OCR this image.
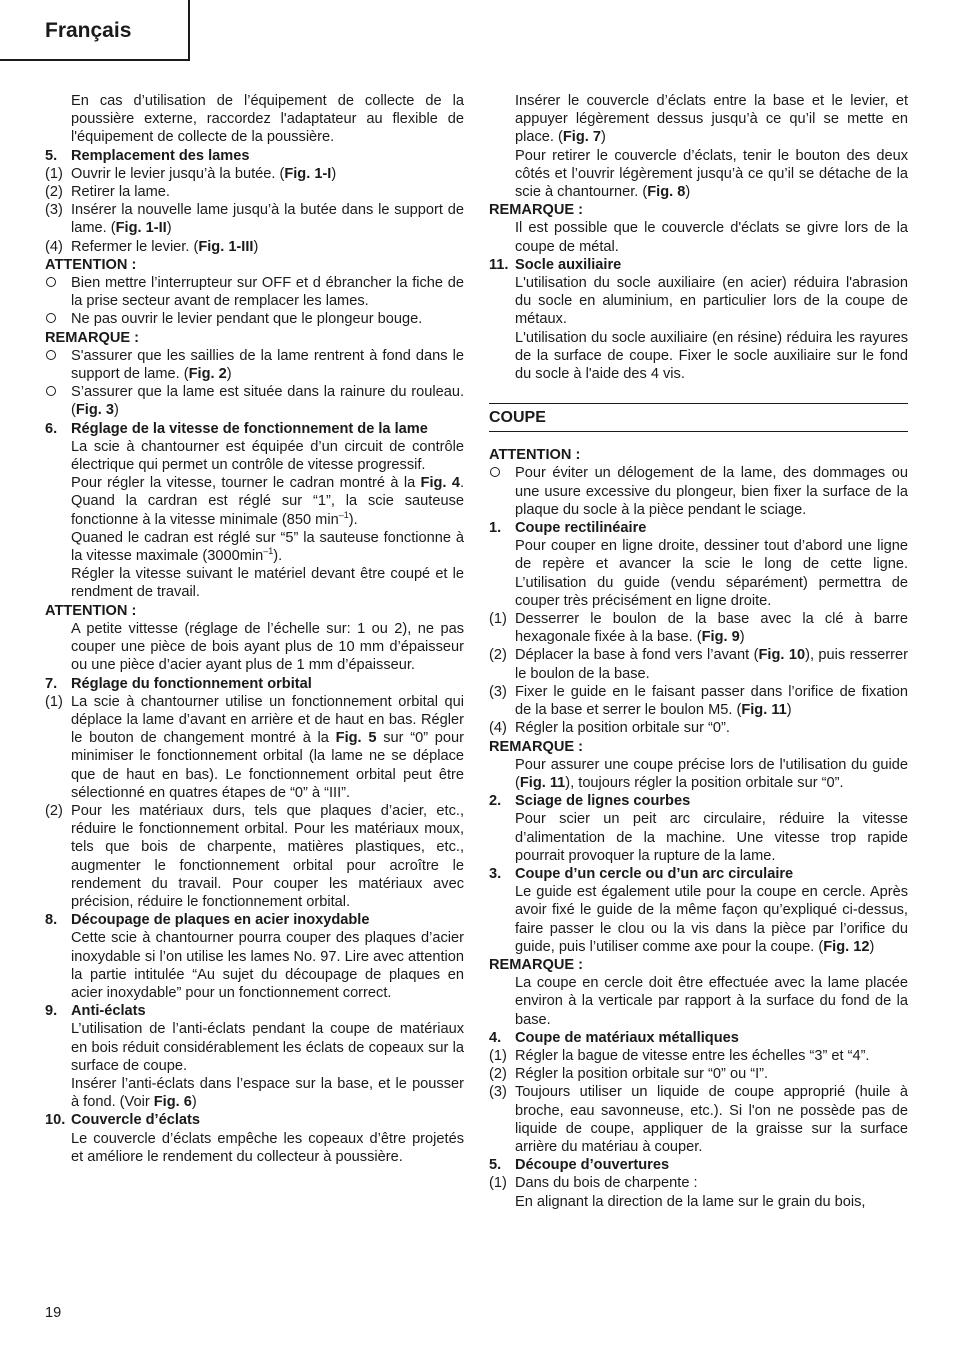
Français

En cas d’utilisation de l’équipement de collecte de la poussière externe, raccordez l'adaptateur au flexible de l'équipement de collecte de la poussière.

5. Remplacement des lames
(1) Ouvrir le levier jusqu’à la butée. (Fig. 1-I)
(2) Retirer la lame.
(3) Insérer la nouvelle lame jusqu’à la butée dans le support de lame. (Fig. 1-II)
(4) Refermer le levier. (Fig. 1-III)

ATTENTION :

Bien mettre l’interrupteur sur OFF et d ébrancher la fiche de la prise secteur avant de remplacer les lames.
Ne pas ouvrir le levier pendant que le plongeur bouge.

REMARQUE :

S'assurer que les saillies de la lame rentrent à fond dans le support de lame. (Fig. 2)
S’assurer que la lame est située dans la rainure du rouleau. (Fig. 3)
6. Réglage de la vitesse de fonctionnement de la lame

La scie à chantourner est équipée d’un circuit de contrôle électrique qui permet un contrôle de vitesse progressif.

Pour régler la vitesse, tourner le cadran montré à la Fig. 4. Quand la cardran est réglé sur “1”, la scie sauteuse fonctionne à la vitesse minimale (850 $\min^{-1}$).

Quaned le cadran est réglé sur “5” la sauteuse fonctionne à la vitesse maximale $(3000\min^{-1})$.

Régler la vitesse suivant le matériel devant être coupé et le rendment de travail.

ATTENTION :

A petite vittesse (réglage de l’échelle sur: 1 ou 2), ne pas couper une pièce de bois ayant plus de 10 mm d’épaisseur ou une pièce d’acier ayant plus de 1 mm d’épaisseur.

7. Réglage du fonctionnement orbital
(1) La scie à chantourner utilise un fonctionnement orbital qui déplace la lame d’avant en arrière et de haut en bas. Régler le bouton de changement montré à la Fig. 5 sur “0” pour minimiser le fonctionnement orbital (la lame ne se déplace que de haut en bas). Le fonctionnement orbital peut être sélectionné en quatres étapes de “0” à “III”.
(2) Pour les matériaux durs, tels que plaques d’acier, etc., réduire le fonctionnement orbital. Pour les matériaux moux, tels que bois de charpente, matières plastiques, etc., augmenter le fonctionnement orbital pour acroître le rendement du travail. Pour couper les matériaux avec précision, réduire le fonctionnement orbital.
8. Découpage de plaques en acier inoxydable

Cette scie à chantourner pourra couper des plaques d’acier inoxydable si l’on utilise les lames No. 97. Lire avec attention la partie intitulée “Au sujet du découpage de plaques en acier inoxydable” pour un fonctionnement correct.

9. Anti-éclats

L’utilisation de l’anti-éclats pendant la coupe de matériaux en bois réduit considérablement les éclats de copeaux sur la surface de coupe.

Insérer l’anti-éclats dans l’espace sur la base, et le pousser à fond. (Voir Fig. 6)

10. Couvercle d’éclats

Le couvercle d’éclats empêche les copeaux d’être projetés et améliore le rendement du collecteur à poussière.

Insérer le couvercle d’éclats entre la base et le levier, et appuyer légèrement dessus jusqu’à ce qu’il se mette en place. (Fig. 7)

Pour retirer le couvercle d’éclats, tenir le bouton des deux côtés et l’ouvrir légèrement jusqu’à ce qu’il se détache de la scie à chantourner. (Fig. 8)

REMARQUE :

Il est possible que le couvercle d'éclats se givre lors de la coupe de métal.

11. Socle auxiliaire

L'utilisation du socle auxiliaire (en acier) réduira l'abrasion du socle en aluminium, en particulier lors de la coupe de métaux.

L'utilisation du socle auxiliaire (en résine) réduira les rayures de la surface de coupe. Fixer le socle auxiliaire sur le fond du socle à l'aide des 4 vis.

COUPE

ATTENTION :

Pour éviter un délogement de la lame, des dommages ou une usure excessive du plongeur, bien fixer la surface de la plaque du socle à la pièce pendant le sciage.
1. Coupe rectilinéaire

Pour couper en ligne droite, dessiner tout d’abord une ligne de repère et avancer la scie le long de cette ligne. L’utilisation du guide (vendu séparément) permettra de couper très précisément en ligne droite.

(1) Desserrer le boulon de la base avec la clé à barre hexagonale fixée à la base. (Fig. 9)
(2) Déplacer la base à fond vers l’avant (Fig. 10), puis resserrer le boulon de la base.
(3) Fixer le guide en le faisant passer dans l’orifice de fixation de la base et serrer le boulon M5. (Fig. 11)
(4) Régler la position orbitale sur “0”.

REMARQUE :

Pour assurer une coupe précise lors de l'utilisation du guide (Fig. 11), toujours régler la position orbitale sur “0”.

2. Sciage de lignes courbes

Pour scier un peit arc circulaire, réduire la vitesse d’alimentation de la machine. Une vitesse trop rapide pourrait provoquer la rupture de la lame.

3. Coupe d’un cercle ou d’un arc circulaire

Le guide est également utile pour la coupe en cercle. Après avoir fixé le guide de la même façon qu’expliqué ci-dessus, faire passer le clou ou la vis dans la pièce par l’orifice du guide, puis l’utiliser comme axe pour la coupe. (Fig. 12)

REMARQUE :

La coupe en cercle doit être effectuée avec la lame placée environ à la verticale par rapport à la surface du fond de la base.

4. Coupe de matériaux métalliques
(1) Régler la bague de vitesse entre les échelles “3” et “4”.
(2) Régler la position orbitale sur “0” ou “I”.
(3) Toujours utiliser un liquide de coupe approprié (huile à broche, eau savonneuse, etc.). Si l'on ne possède pas de liquide de coupe, appliquer de la graisse sur la surface arrière du matériau à couper.
5. Découpe d’ouvertures
(1) Dans du bois de charpente :

En alignant la direction de la lame sur le grain du bois,

19
